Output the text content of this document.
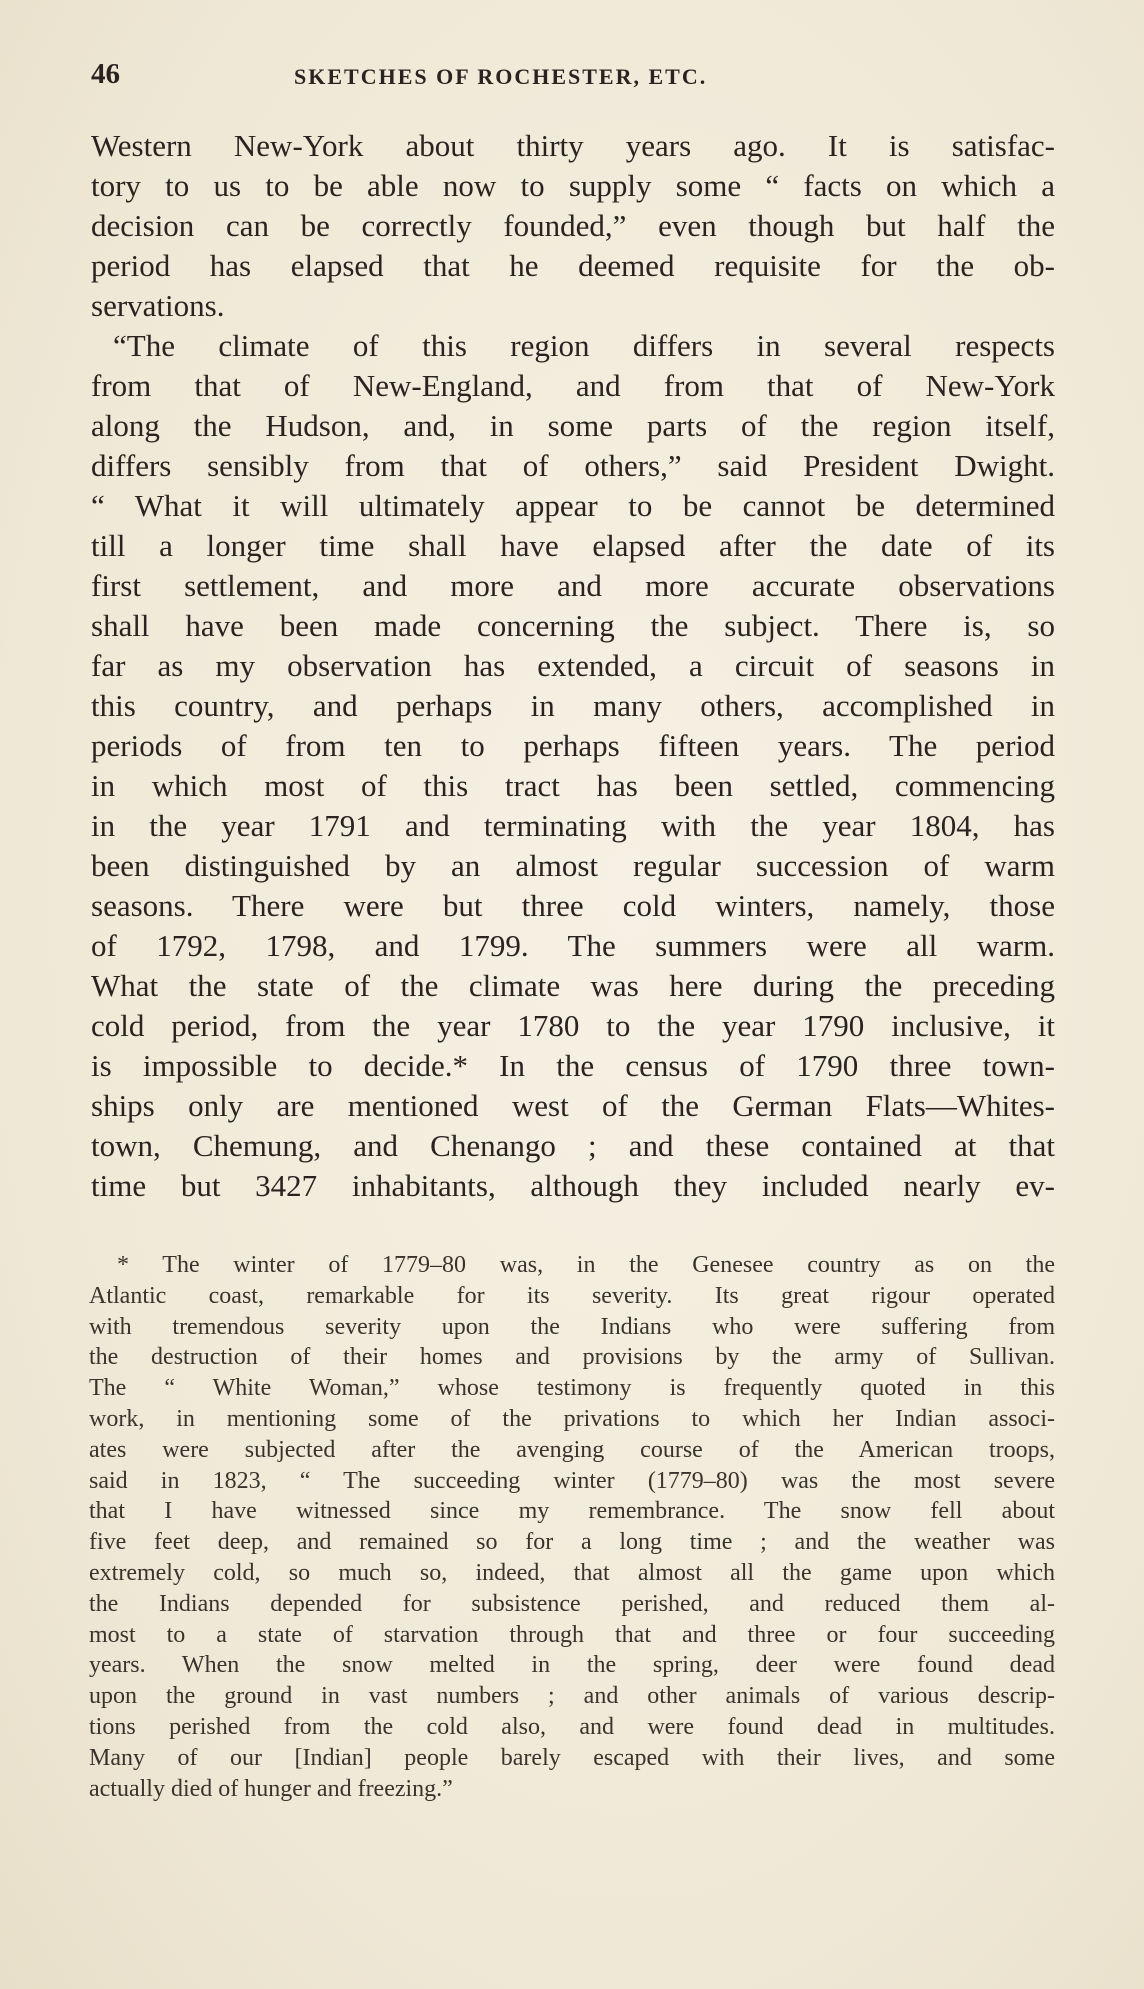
46	SKETCHES OF ROCHESTER, ETC.
Western New-York about thirty years ago. It is satisfac-
tory to us to be able now to supply some “ facts on which a
decision can be correctly founded,” even though but half the
period has elapsed that he deemed requisite for the ob-
servations.
“The climate of this region differs in several respects
from that of New-England, and from that of New-York
along the Hudson, and, in some parts of the region itself,
differs sensibly from that of others,” said President Dwight.
“ What it will ultimately appear to be cannot be determined
till a longer time shall have elapsed after the date of its
first settlement, and more and more accurate observations
shall have been made concerning the subject. There is, so
far as my observation has extended, a circuit of seasons in
this country, and perhaps in many others, accomplished in
periods of from ten to perhaps fifteen years. The period
in which most of this tract has been settled, commencing
in the year 1791 and terminating with the year 1804, has
been distinguished by an almost regular succession of warm
seasons. There were but three cold winters, namely, those
of 1792, 1798, and 1799. The summers were all warm.
What the state of the climate was here during the preceding
cold period, from the year 1780 to the year 1790 inclusive, it
is impossible to decide.* In the census of 1790 three town-
ships only are mentioned west of the German Flats—Whites-
town, Chemung, and Chenango ; and these contained at that
time but 3427 inhabitants, although they included nearly ev-
* The winter of 1779–80 was, in the Genesee country as on the
Atlantic coast, remarkable for its severity. Its great rigour operated
with tremendous severity upon the Indians who were suffering from
the destruction of their homes and provisions by the army of Sullivan.
The “ White Woman,” whose testimony is frequently quoted in this
work, in mentioning some of the privations to which her Indian associ-
ates were subjected after the avenging course of the American troops,
said in 1823, “ The succeeding winter (1779–80) was the most severe
that I have witnessed since my remembrance. The snow fell about
five feet deep, and remained so for a long time ; and the weather was
extremely cold, so much so, indeed, that almost all the game upon which
the Indians depended for subsistence perished, and reduced them al-
most to a state of starvation through that and three or four succeeding
years. When the snow melted in the spring, deer were found dead
upon the ground in vast numbers ; and other animals of various descrip-
tions perished from the cold also, and were found dead in multitudes.
Many of our [Indian] people barely escaped with their lives, and some
actually died of hunger and freezing.”
